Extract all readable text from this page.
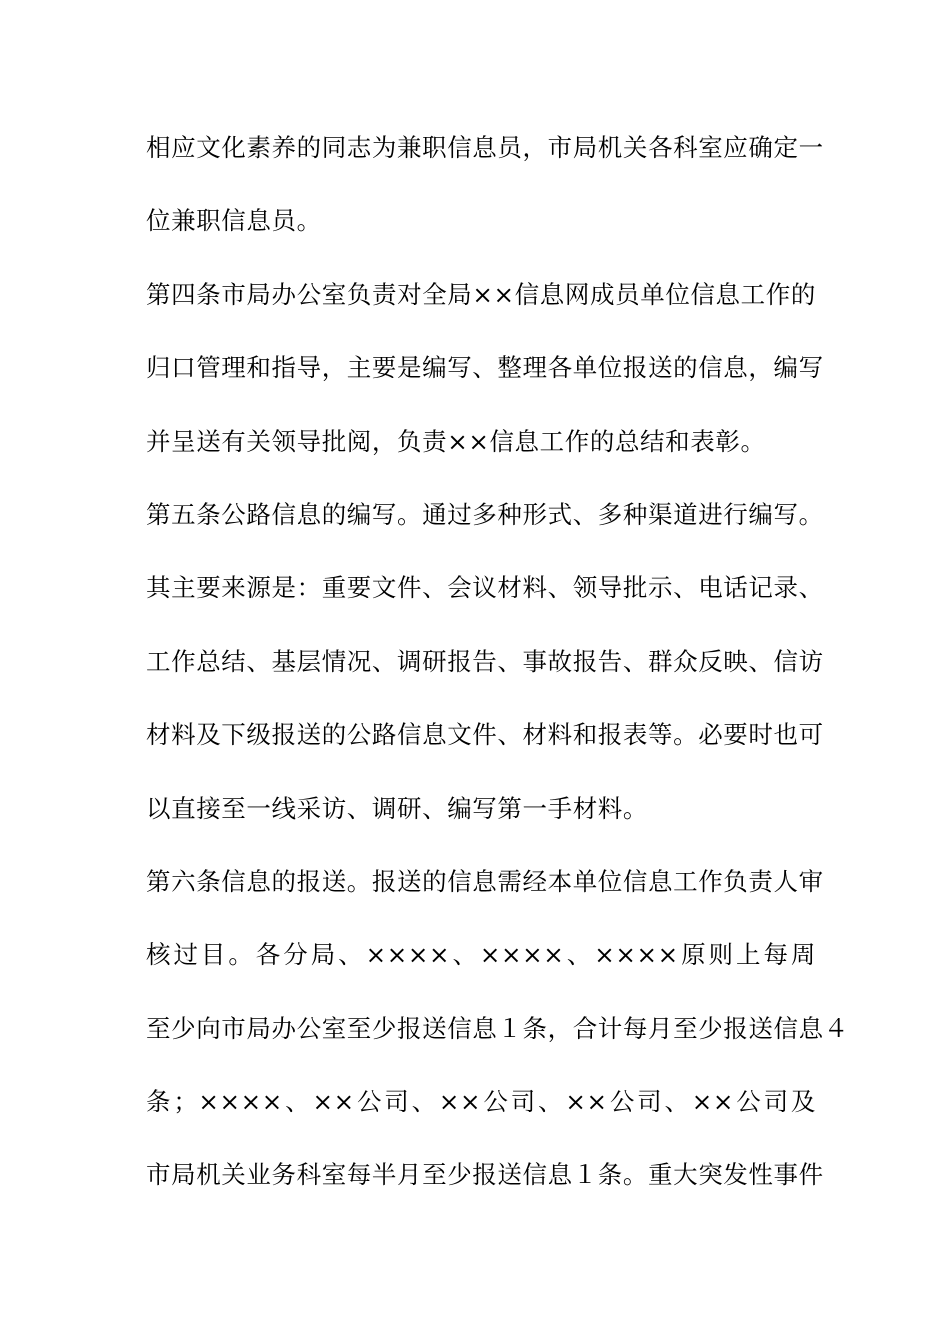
相应文化素养的同志为兼职信息员，市局机关各科室应确定一
位兼职信息员。
第四条市局办公室负责对全局××信息网成员单位信息工作的
归口管理和指导，主要是编写、整理各单位报送的信息，编写
并呈送有关领导批阅，负责××信息工作的总结和表彰。
第五条公路信息的编写。通过多种形式、多种渠道进行编写。
其主要来源是：重要文件、会议材料、领导批示、电话记录、
工作总结、基层情况、调研报告、事故报告、群众反映、信访
材料及下级报送的公路信息文件、材料和报表等。必要时也可
以直接至一线采访、调研、编写第一手材料。
第六条信息的报送。报送的信息需经本单位信息工作负责人审
核过目。各分局、××××、××××、××××原则上每周
至少向市局办公室至少报送信息１条，合计每月至少报送信息４
条；××××、××公司、××公司、××公司、××公司及
市局机关业务科室每半月至少报送信息１条。重大突发性事件
